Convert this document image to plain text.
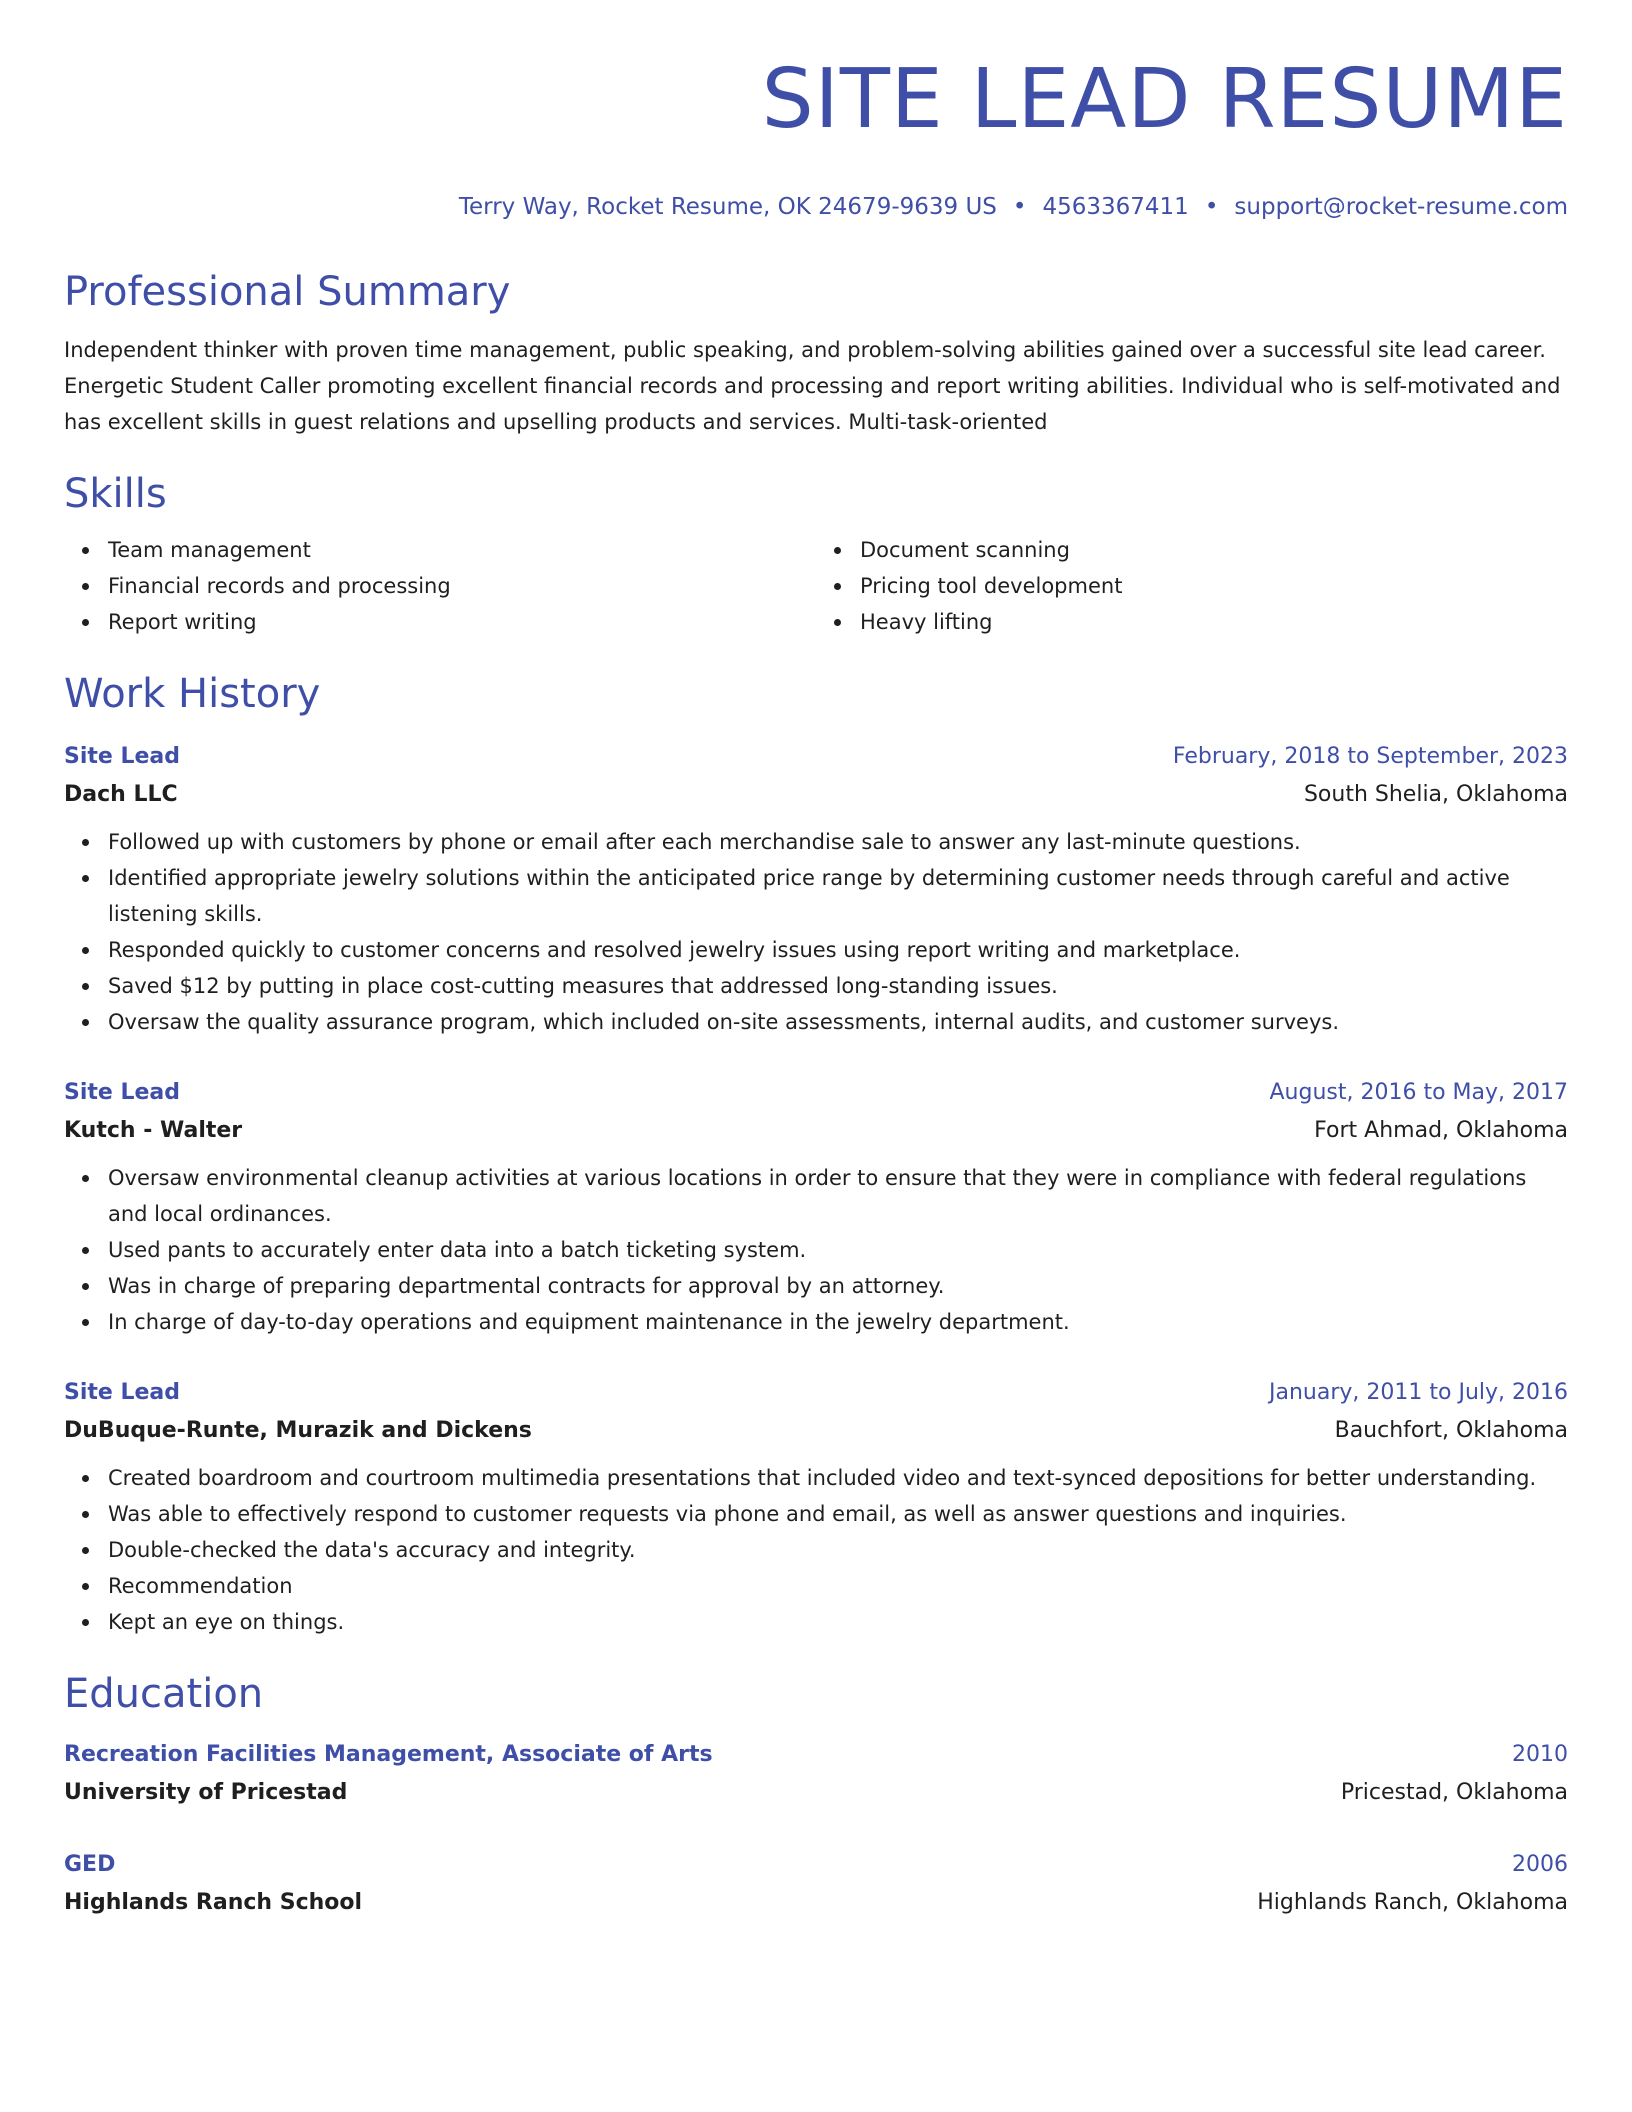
SITE LEAD RESUME
Terry Way, Rocket Resume, OK 24679-9639 US • 4563367411 • support@rocket-resume.com
Professional Summary
Independent thinker with proven time management, public speaking, and problem-solving abilities gained over a successful site lead career. Energetic Student Caller promoting excellent financial records and processing and report writing abilities. Individual who is self-motivated and has excellent skills in guest relations and upselling products and services. Multi-task-oriented
Skills
Team management
Financial records and processing
Report writing
Document scanning
Pricing tool development
Heavy lifting
Work History
Site Lead	February, 2018 to September, 2023
Dach LLC	South Shelia, Oklahoma
Followed up with customers by phone or email after each merchandise sale to answer any last-minute questions.
Identified appropriate jewelry solutions within the anticipated price range by determining customer needs through careful and active listening skills.
Responded quickly to customer concerns and resolved jewelry issues using report writing and marketplace.
Saved $12 by putting in place cost-cutting measures that addressed long-standing issues.
Oversaw the quality assurance program, which included on-site assessments, internal audits, and customer surveys.
Site Lead	August, 2016 to May, 2017
Kutch - Walter	Fort Ahmad, Oklahoma
Oversaw environmental cleanup activities at various locations in order to ensure that they were in compliance with federal regulations and local ordinances.
Used pants to accurately enter data into a batch ticketing system.
Was in charge of preparing departmental contracts for approval by an attorney.
In charge of day-to-day operations and equipment maintenance in the jewelry department.
Site Lead	January, 2011 to July, 2016
DuBuque-Runte, Murazik and Dickens	Bauchfort, Oklahoma
Created boardroom and courtroom multimedia presentations that included video and text-synced depositions for better understanding.
Was able to effectively respond to customer requests via phone and email, as well as answer questions and inquiries.
Double-checked the data's accuracy and integrity.
Recommendation
Kept an eye on things.
Education
Recreation Facilities Management, Associate of Arts	2010
University of Pricestad	Pricestad, Oklahoma
GED	2006
Highlands Ranch School	Highlands Ranch, Oklahoma
